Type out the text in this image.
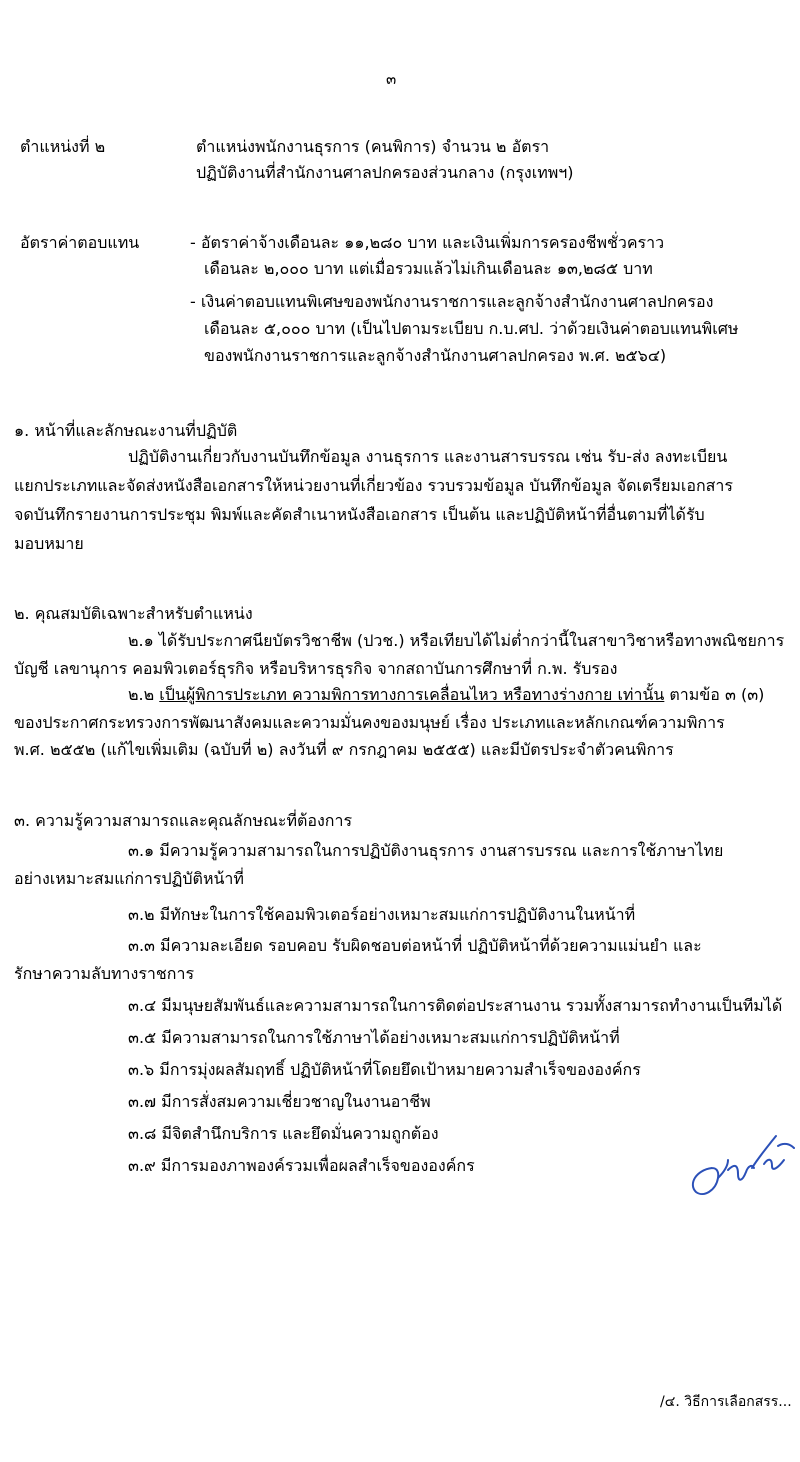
๓
ตำแหน่งที่ ๒	ตำแหน่งพนักงานธุรการ (คนพิการ) จำนวน ๒ อัตรา
ปฏิบัติงานที่สำนักงานศาลปกครองส่วนกลาง (กรุงเทพฯ)
อัตราค่าตอบแทน	- อัตราค่าจ้างเดือนละ ๑๑,๒๘๐ บาท และเงินเพิ่มการครองชีพชั่วคราว
เดือนละ ๒,๐๐๐ บาท แต่เมื่อรวมแล้วไม่เกินเดือนละ ๑๓,๒๘๕ บาท
- เงินค่าตอบแทนพิเศษของพนักงานราชการและลูกจ้างสำนักงานศาลปกครอง
เดือนละ ๕,๐๐๐ บาท (เป็นไปตามระเบียบ ก.บ.ศป. ว่าด้วยเงินค่าตอบแทนพิเศษ
ของพนักงานราชการและลูกจ้างสำนักงานศาลปกครอง พ.ศ. ๒๕๖๔)
๑. หน้าที่และลักษณะงานที่ปฏิบัติ
ปฏิบัติงานเกี่ยวกับงานบันทึกข้อมูล งานธุรการ และงานสารบรรณ เช่น รับ-ส่ง ลงทะเบียน
แยกประเภทและจัดส่งหนังสือเอกสารให้หน่วยงานที่เกี่ยวข้อง รวบรวมข้อมูล บันทึกข้อมูล จัดเตรียมเอกสาร
จดบันทึกรายงานการประชุม พิมพ์และคัดสำเนาหนังสือเอกสาร เป็นต้น และปฏิบัติหน้าที่อื่นตามที่ได้รับ
มอบหมาย
๒. คุณสมบัติเฉพาะสำหรับตำแหน่ง
๒.๑ ได้รับประกาศนียบัตรวิชาชีพ (ปวช.) หรือเทียบได้ไม่ต่ำกว่านี้ในสาขาวิชาหรือทางพณิชยการ
บัญชี เลขานุการ คอมพิวเตอร์ธุรกิจ หรือบริหารธุรกิจ จากสถาบันการศึกษาที่ ก.พ. รับรอง
๒.๒ เป็นผู้พิการประเภท ความพิการทางการเคลื่อนไหว หรือทางร่างกาย เท่านั้น ตามข้อ ๓ (๓)
ของประกาศกระทรวงการพัฒนาสังคมและความมั่นคงของมนุษย์ เรื่อง ประเภทและหลักเกณฑ์ความพิการ
พ.ศ. ๒๕๕๒ (แก้ไขเพิ่มเติม (ฉบับที่ ๒) ลงวันที่ ๙ กรกฎาคม ๒๕๕๕) และมีบัตรประจำตัวคนพิการ
๓. ความรู้ความสามารถและคุณลักษณะที่ต้องการ
๓.๑ มีความรู้ความสามารถในการปฏิบัติงานธุรการ งานสารบรรณ และการใช้ภาษาไทย
อย่างเหมาะสมแก่การปฏิบัติหน้าที่
๓.๒ มีทักษะในการใช้คอมพิวเตอร์อย่างเหมาะสมแก่การปฏิบัติงานในหน้าที่
๓.๓ มีความละเอียด รอบคอบ รับผิดชอบต่อหน้าที่ ปฏิบัติหน้าที่ด้วยความแม่นยำ และ
รักษาความลับทางราชการ
๓.๔ มีมนุษยสัมพันธ์และความสามารถในการติดต่อประสานงาน รวมทั้งสามารถทำงานเป็นทีมได้
๓.๕ มีความสามารถในการใช้ภาษาได้อย่างเหมาะสมแก่การปฏิบัติหน้าที่
๓.๖ มีการมุ่งผลสัมฤทธิ์ ปฏิบัติหน้าที่โดยยึดเป้าหมายความสำเร็จขององค์กร
๓.๗ มีการสั่งสมความเชี่ยวชาญในงานอาชีพ
๓.๘ มีจิตสำนึกบริการ และยึดมั่นความถูกต้อง
๓.๙ มีการมองภาพองค์รวมเพื่อผลสำเร็จขององค์กร
/๔. วิธีการเลือกสรร...
